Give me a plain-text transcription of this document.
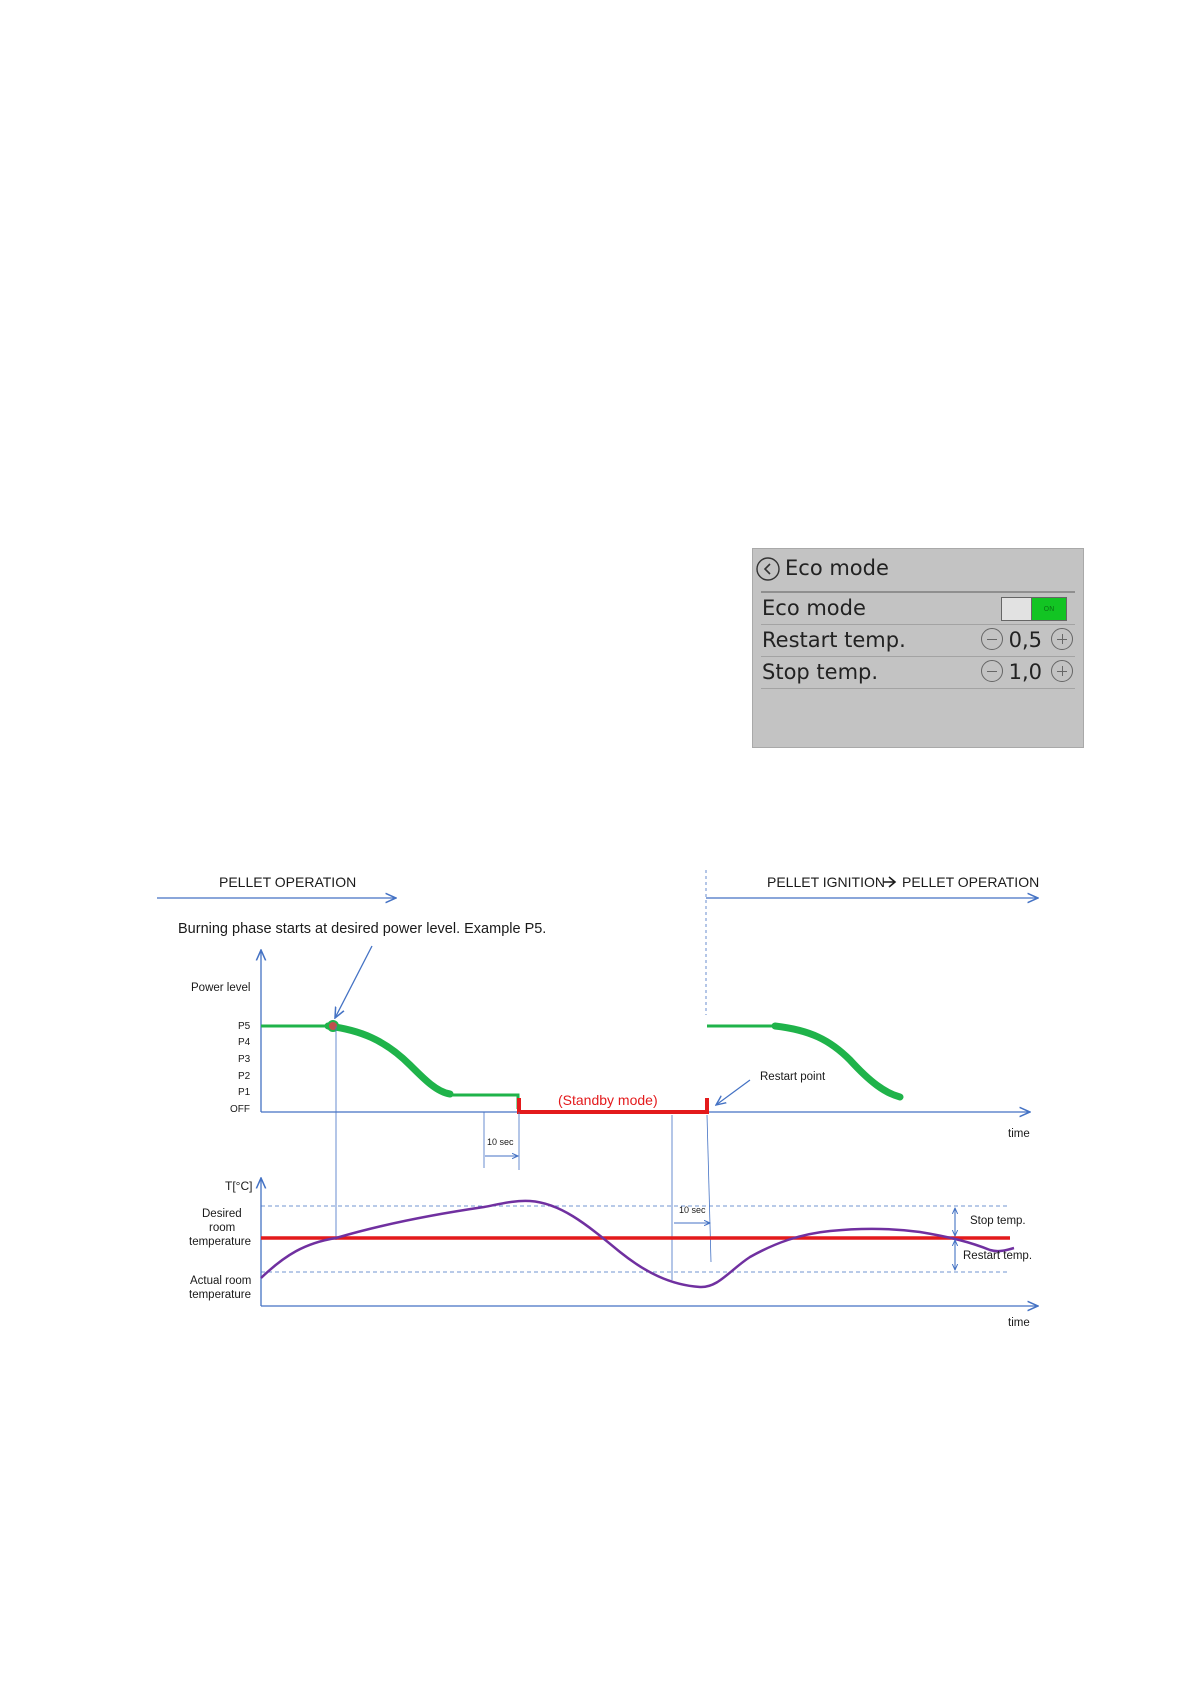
Eco mode
Eco mode	ON
Restart temp.	0,5
Stop temp.	1,0
PELLET OPERATION	PELLET IGNITION PELLET OPERATION
Burning phase starts at desired power level. Example P5.
Power level
P5
P4
P3
P2
P1
OFF
(Standby mode)
Restart point
time
10 sec
10 sec
T[°C]
Desired
room
temperature
Actual room
temperature
Stop temp.
Restart temp.
time
